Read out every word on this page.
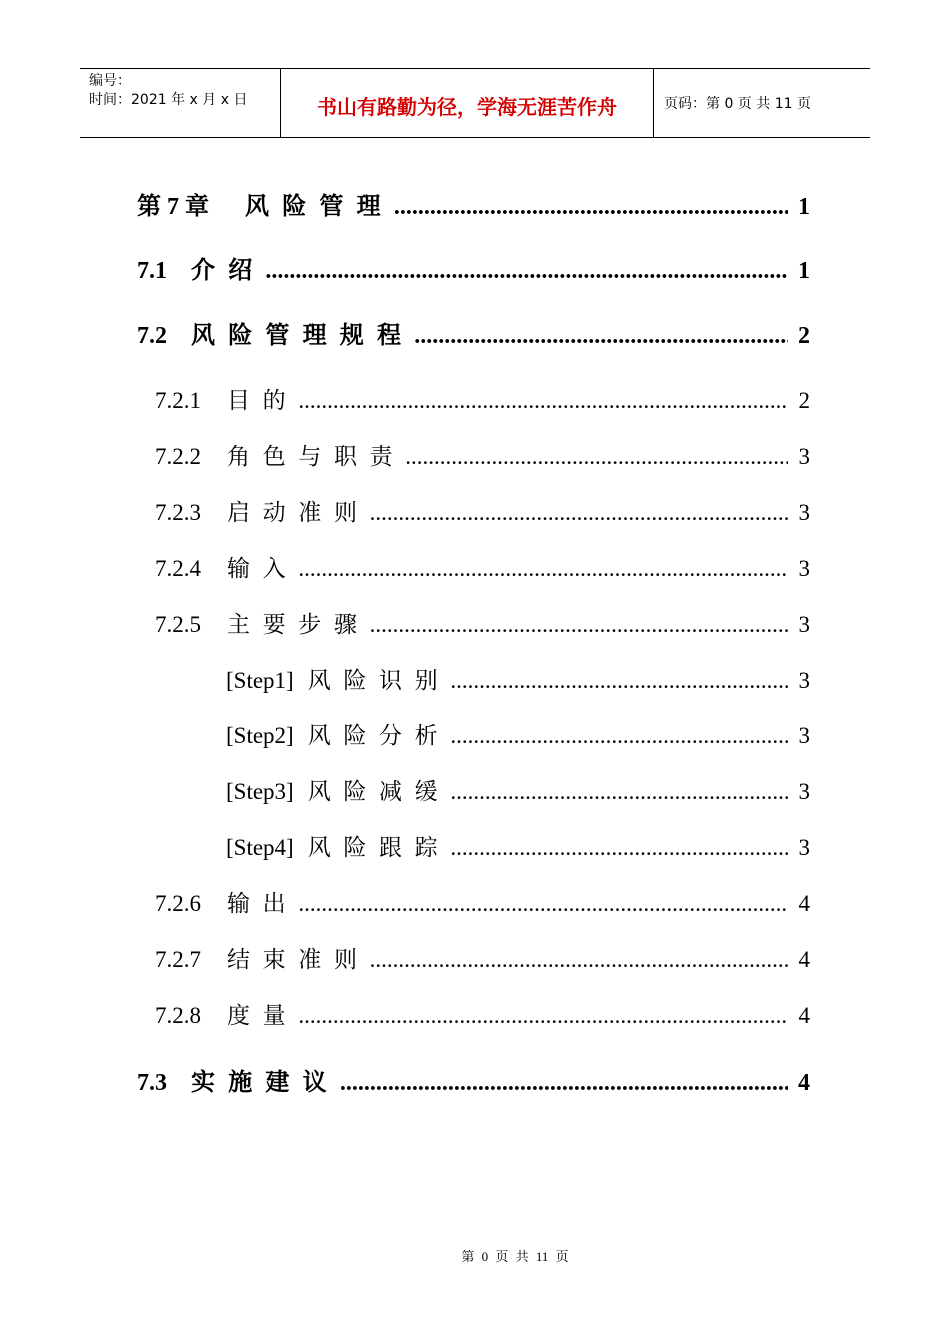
编号：
时间：2021 年 x 月 x 日	书山有路勤为径，学海无涯苦作舟	页码：第 0 页 共 11 页
第 7 章	风险管理 .....	1
7.1	介绍 .....	1
7.2	风险管理规程 .....	2
7.2.1	目的 .....	2
7.2.2	角色与职责 .....	3
7.2.3	启动准则 .....	3
7.2.4	输入 .....	3
7.2.5	主要步骤 .....	3
[Step1] 风险识别 .....	3
[Step2] 风险分析 .....	3
[Step3] 风险减缓 .....	3
[Step4] 风险跟踪 .....	3
7.2.6	输出 .....	4
7.2.7	结束准则 .....	4
7.2.8	度量 .....	4
7.3	实施建议 .....	4
第 0 页 共 11 页
